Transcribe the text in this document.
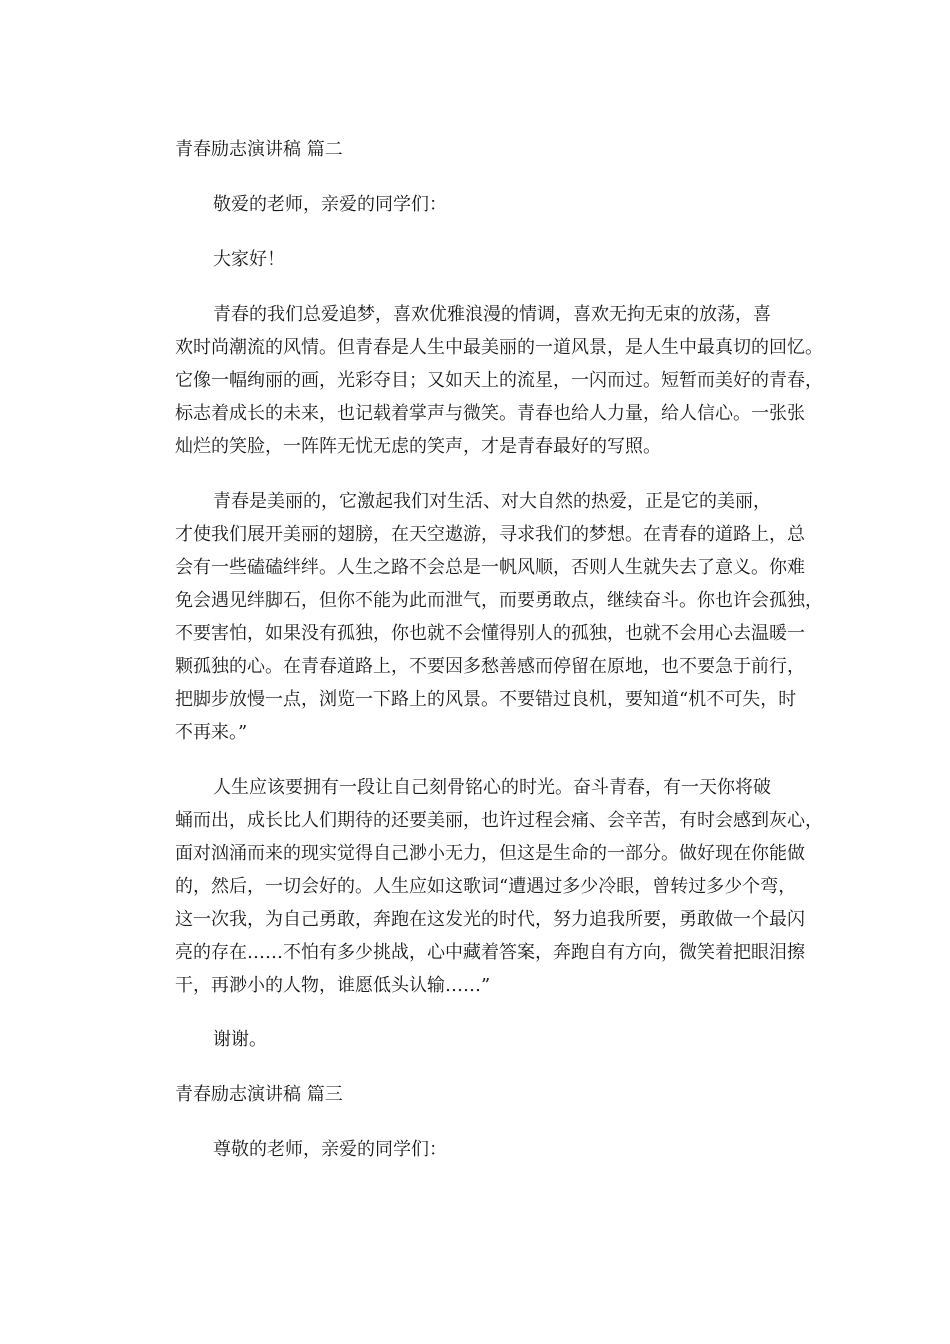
青春励志演讲稿 篇二

敬爱的老师，亲爱的同学们：

大家好！

青春的我们总爱追梦，喜欢优雅浪漫的情调，喜欢无拘无束的放荡，喜

欢时尚潮流的风情。但青春是人生中最美丽的一道风景，是人生中最真切的回忆。

它像一幅绚丽的画，光彩夺目；又如天上的流星，一闪而过。短暂而美好的青春，

标志着成长的未来，也记载着掌声与微笑。青春也给人力量，给人信心。一张张

灿烂的笑脸，一阵阵无忧无虑的笑声，才是青春最好的写照。

青春是美丽的，它激起我们对生活、对大自然的热爱，正是它的美丽，

才使我们展开美丽的翅膀，在天空遨游，寻求我们的梦想。在青春的道路上，总

会有一些磕磕绊绊。人生之路不会总是一帆风顺，否则人生就失去了意义。你难

免会遇见绊脚石，但你不能为此而泄气，而要勇敢点，继续奋斗。你也许会孤独，

不要害怕，如果没有孤独，你也就不会懂得别人的孤独，也就不会用心去温暖一

颗孤独的心。在青春道路上，不要因多愁善感而停留在原地，也不要急于前行，

把脚步放慢一点，浏览一下路上的风景。不要错过良机，要知道“机不可失，时

不再来。”

人生应该要拥有一段让自己刻骨铭心的时光。奋斗青春，有一天你将破

蛹而出，成长比人们期待的还要美丽，也许过程会痛、会辛苦，有时会感到灰心，

面对汹涌而来的现实觉得自己渺小无力，但这是生命的一部分。做好现在你能做

的，然后，一切会好的。人生应如这歌词“遭遇过多少冷眼，曾转过多少个弯，

这一次我，为自己勇敢，奔跑在这发光的时代，努力追我所要，勇敢做一个最闪

亮的存在……不怕有多少挑战，心中藏着答案，奔跑自有方向，微笑着把眼泪擦

干，再渺小的人物，谁愿低头认输……”

谢谢。

青春励志演讲稿 篇三

尊敬的老师，亲爱的同学们：
